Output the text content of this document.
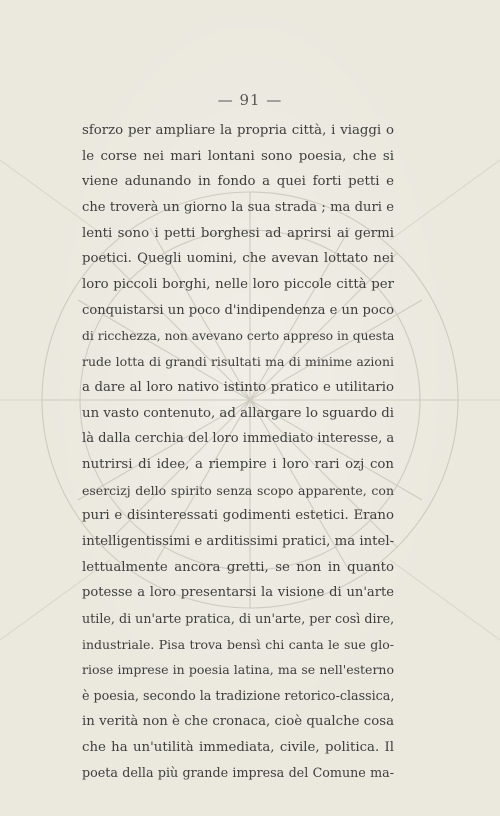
— 91 —
sforzo per ampliare la propria città, i viaggi o
le corse nei mari lontani sono poesia, che si
viene adunando in fondo a quei forti petti e
che troverà un giorno la sua strada ; ma duri e
lenti sono i petti borghesi ad aprirsi ai germi
poetici. Quegli uomini, che avevan lottato nei
loro piccoli borghi, nelle loro piccole città per
conquistarsi un poco d'indipendenza e un poco
di ricchezza, non avevano certo appreso in questa
rude lotta di grandi risultati ma di minime azioni
a dare al loro nativo istinto pratico e utilitario
un vasto contenuto, ad allargare lo sguardo di
là dalla cerchia del loro immediato interesse, a
nutrirsi di idee, a riempire i loro rari ozj con
esercizj dello spirito senza scopo apparente, con
puri e disinteressati godimenti estetici. Erano
intelligentissimi e arditissimi pratici, ma intel-
lettualmente ancora gretti, se non in quanto
potesse a loro presentarsi la visione di un'arte
utile, di un'arte pratica, di un'arte, per così dire,
industriale. Pisa trova bensì chi canta le sue glo-
riose imprese in poesia latina, ma se nell'esterno
è poesia, secondo la tradizione retorico-classica,
in verità non è che cronaca, cioè qualche cosa
che ha un'utilità immediata, civile, politica. Il
poeta della più grande impresa del Comune ma-
